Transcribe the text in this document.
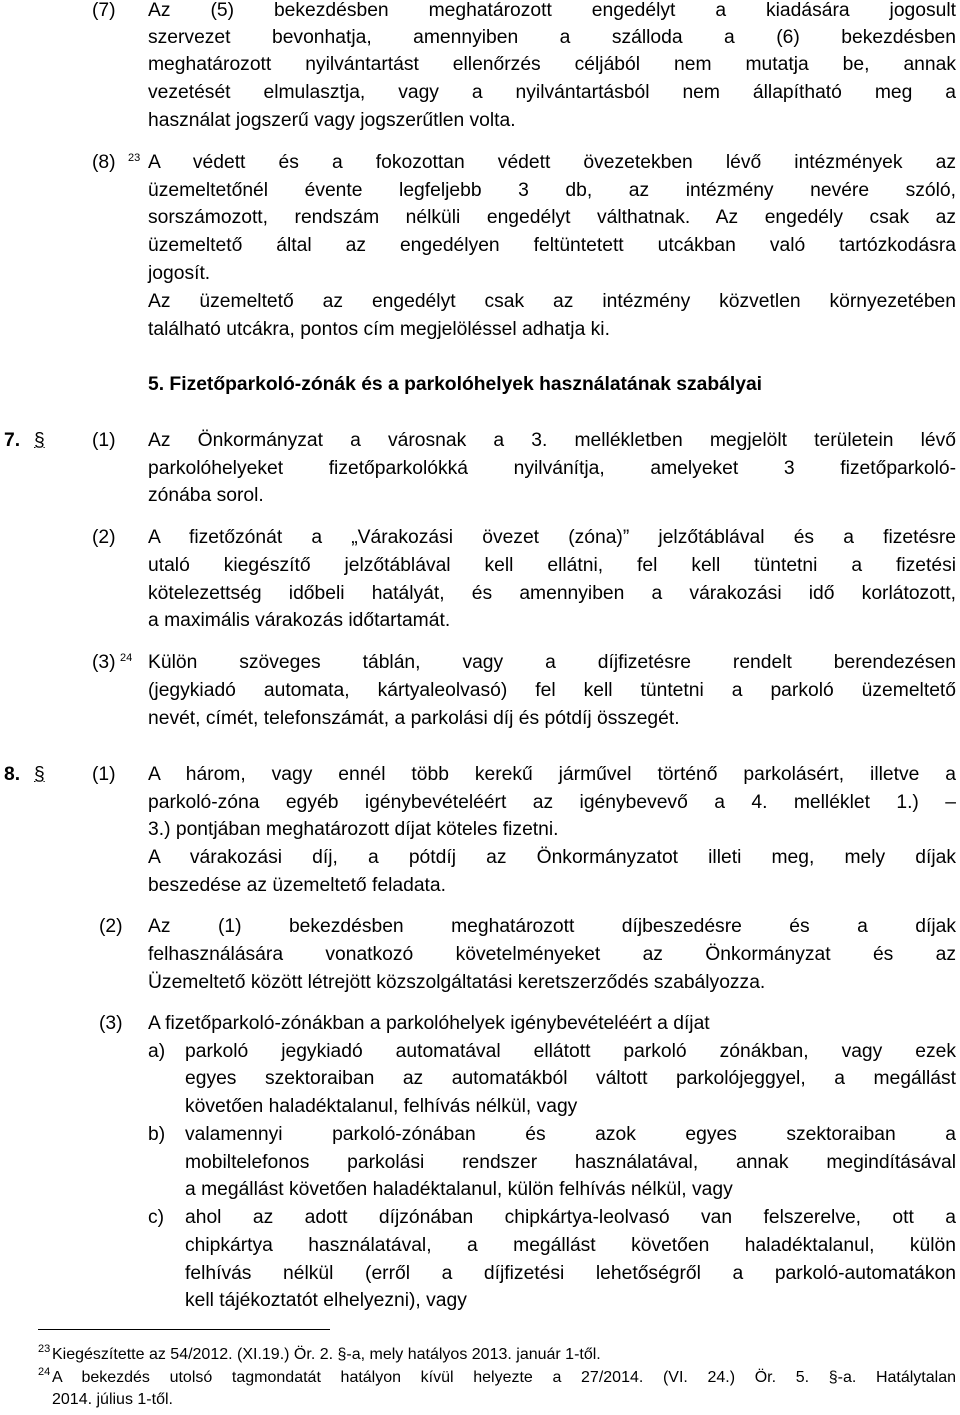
(7) Az (5) bekezdésben meghatározott engedélyt a kiadására jogosult
szervezet bevonhatja, amennyiben a szálloda a (6) bekezdésben
meghatározott nyilvántartást ellenőrzés céljából nem mutatja be, annak
vezetését elmulasztja, vagy a nyilvántartásból nem állapítható meg a
használat jogszerű vagy jogszerűtlen volta.
(8) $^{23}$ A védett és a fokozottan védett övezetekben lévő intézmények az
üzemeltetőnél évente legfeljebb 3 db, az intézmény nevére szóló,
sorszámozott, rendszám nélküli engedélyt válthatnak. Az engedély csak az
üzemeltető által az engedélyen feltüntetett utcákban való tartózkodásra
jogosít.
Az üzemeltető az engedélyt csak az intézmény közvetlen környezetében
található utcákra, pontos cím megjelöléssel adhatja ki.
5. Fizetőparkoló-zónák és a parkolóhelyek használatának szabályai
7. § (1) Az Önkormányzat a városnak a 3. mellékletben megjelölt területein lévő
parkolóhelyeket fizetőparkolókká nyilvánítja, amelyeket 3 fizetőparkoló-
zónába sorol.
(2) A fizetőzónát a „Várakozási övezet (zóna)” jelzőtáblával és a fizetésre
utaló kiegészítő jelzőtáblával kell ellátni, fel kell tüntetni a fizetési
kötelezettség időbeli hatályát, és amennyiben a várakozási idő korlátozott,
a maximális várakozás időtartamát.
(3) $^{24}$ Külön szöveges táblán, vagy a díjfizetésre rendelt berendezésen
(jegykiadó automata, kártyaleolvasó) fel kell tüntetni a parkoló üzemeltető
nevét, címét, telefonszámát, a parkolási díj és pótdíj összegét.
8. § (1) A három, vagy ennél több kerekű járművel történő parkolásért, illetve a
parkoló-zóna egyéb igénybevételéért az igénybevevő a 4. melléklet 1.) –
3.) pontjában meghatározott díjat köteles fizetni.
A várakozási díj, a pótdíj az Önkormányzatot illeti meg, mely díjak
beszedése az üzemeltető feladata.
(2) Az (1) bekezdésben meghatározott díjbeszedésre és a díjak
felhasználására vonatkozó követelményeket az Önkormányzat és az
Üzemeltető között létrejött közszolgáltatási keretszerződés szabályozza.
(3) A fizetőparkoló-zónákban a parkolóhelyek igénybevételéért a díjat
a) parkoló jegykiadó automatával ellátott parkoló zónákban, vagy ezek
egyes szektoraiban az automatákból váltott parkolójeggyel, a megállást
követően haladéktalanul, felhívás nélkül, vagy
b) valamennyi parkoló-zónában és azok egyes szektoraiban a
mobiltelefonos parkolási rendszer használatával, annak megindításával
a megállást követően haladéktalanul, külön felhívás nélkül, vagy
c) ahol az adott díjzónában chipkártya-leolvasó van felszerelve, ott a
chipkártya használatával, a megállást követően haladéktalanul, külön
felhívás nélkül (erről a díjfizetési lehetőségről a parkoló-automatákon
kell tájékoztatót elhelyezni), vagy
$^{23}$ Kiegészítette az 54/2012. (XI.19.) Ör. 2. §-a, mely hatályos 2013. január 1-től.
$^{24}$ A bekezdés utolsó tagmondatát hatályon kívül helyezte a 27/2014. (VI. 24.) Ör. 5. §-a. Hatálytalan
2014. július 1-től.
